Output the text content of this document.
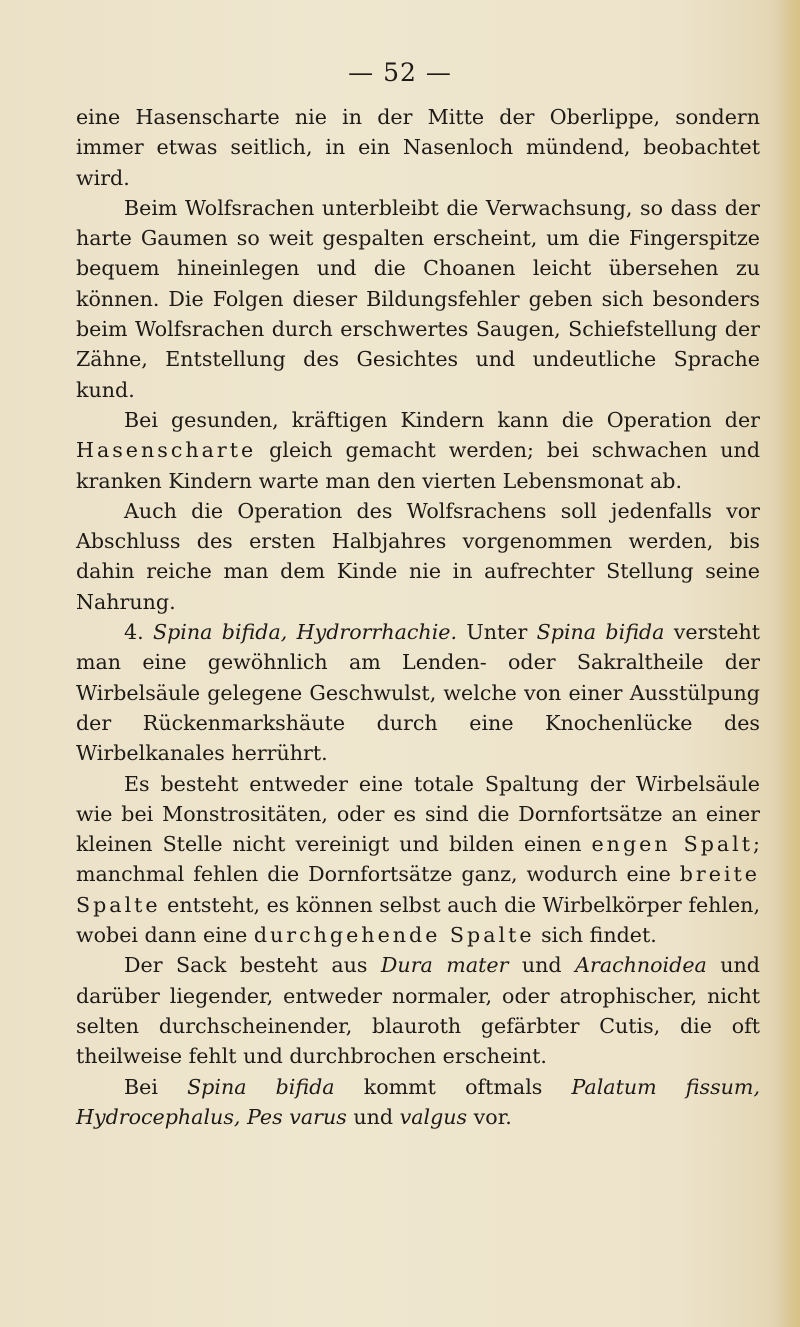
— 52 —

eine Hasenscharte nie in der Mitte der Oberlippe, sondern immer etwas seitlich, in ein Nasenloch mündend, beobachtet wird.

Beim Wolfsrachen unterbleibt die Verwachsung, so dass der harte Gaumen so weit gespalten erscheint, um die Fingerspitze bequem hineinlegen und die Choanen leicht übersehen zu können. Die Folgen dieser Bildungsfehler geben sich besonders beim Wolfsrachen durch erschwertes Saugen, Schiefstellung der Zähne, Entstellung des Gesichtes und undeutliche Sprache kund.

Bei gesunden, kräftigen Kindern kann die Operation der Hasenscharte gleich gemacht werden; bei schwachen und kranken Kindern warte man den vierten Lebensmonat ab.

Auch die Operation des Wolfsrachens soll jedenfalls vor Abschluss des ersten Halbjahres vorgenommen werden, bis dahin reiche man dem Kinde nie in aufrechter Stellung seine Nahrung.

4. Spina bifida, Hydrorrhachie. Unter Spina bifida versteht man eine gewöhnlich am Lenden- oder Sakraltheile der Wirbelsäule gelegene Geschwulst, welche von einer Ausstülpung der Rückenmarkshäute durch eine Knochenlücke des Wirbelkanales herrührt.

Es besteht entweder eine totale Spaltung der Wirbelsäule wie bei Monstrositäten, oder es sind die Dornfortsätze an einer kleinen Stelle nicht vereinigt und bilden einen engen Spalt; manchmal fehlen die Dornfortsätze ganz, wodurch eine breite Spalte entsteht, es können selbst auch die Wirbelkörper fehlen, wobei dann eine durchgehende Spalte sich findet.

Der Sack besteht aus Dura mater und Arachnoidea und darüber liegender, entweder normaler, oder atrophischer, nicht selten durchscheinender, blauroth gefärbter Cutis, die oft theilweise fehlt und durchbrochen erscheint.

Bei Spina bifida kommt oftmals Palatum fissum, Hydrocephalus, Pes varus und valgus vor.
